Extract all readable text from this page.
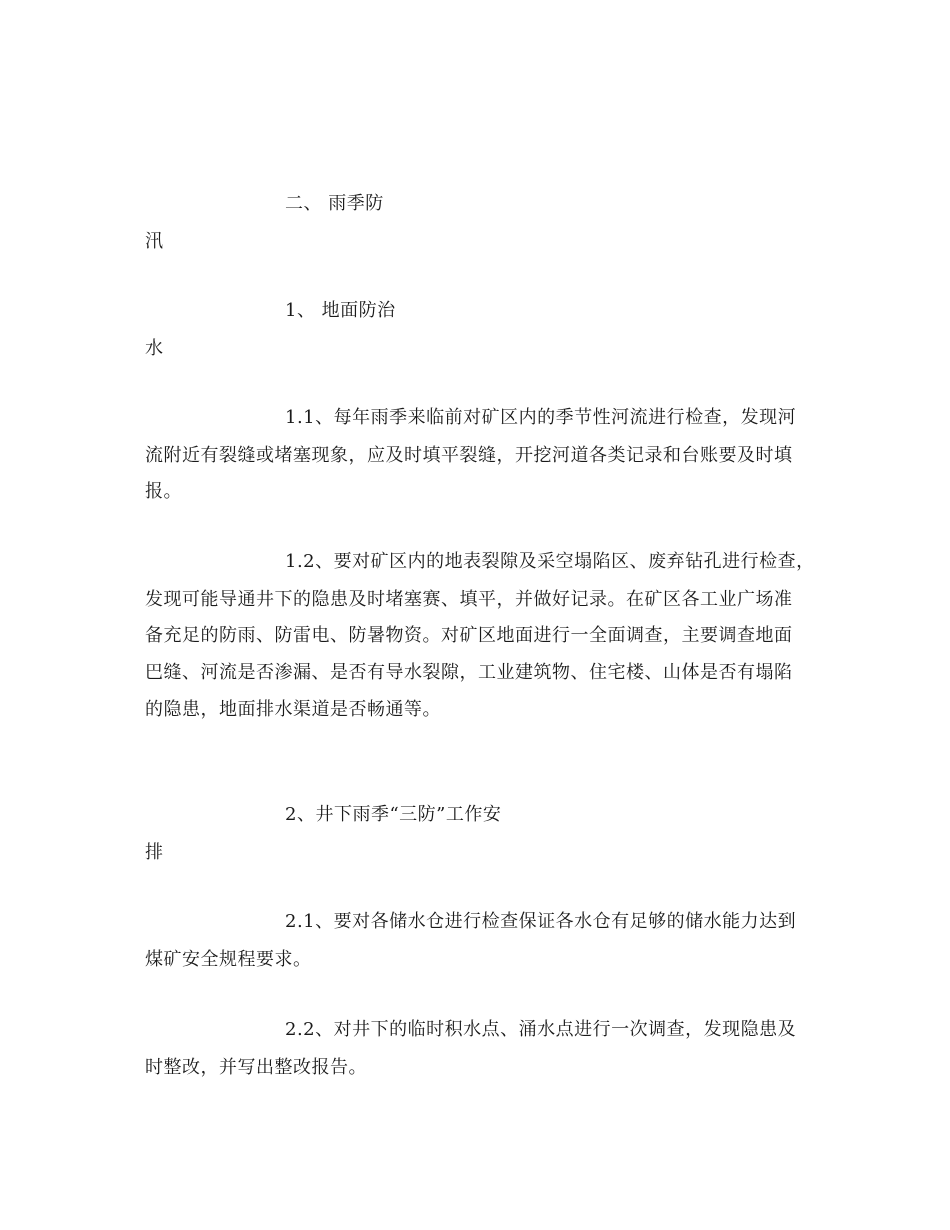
二、 雨季防
汛
1、 地面防治
水
1.1、每年雨季来临前对矿区内的季节性河流进行检查，发现河
流附近有裂缝或堵塞现象，应及时填平裂缝，开挖河道各类记录和台账要及时填
报。
1.2、要对矿区内的地表裂隙及采空塌陷区、废弃钻孔进行检查，
发现可能导通井下的隐患及时堵塞赛、填平，并做好记录。在矿区各工业广场准
备充足的防雨、防雷电、防暑物资。对矿区地面进行一全面调查，主要调查地面
巴缝、河流是否渗漏、是否有导水裂隙，工业建筑物、住宅楼、山体是否有塌陷
的隐患，地面排水渠道是否畅通等。
2、井下雨季“三防”工作安
排
2.1、要对各储水仓进行检查保证各水仓有足够的储水能力达到
煤矿安全规程要求。
2.2、对井下的临时积水点、涌水点进行一次调查，发现隐患及
时整改，并写出整改报告。
